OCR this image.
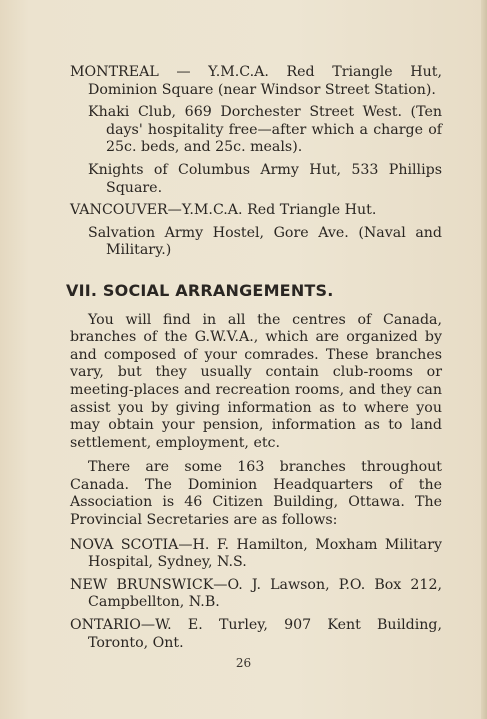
MONTREAL — Y.M.C.A. Red Triangle Hut, Dominion Square (near Windsor Street Station).

Khaki Club, 669 Dorchester Street West. (Ten days' hospitality free—after which a charge of 25c. beds, and 25c. meals).

Knights of Columbus Army Hut, 533 Phillips Square.

VANCOUVER—Y.M.C.A. Red Triangle Hut.

Salvation Army Hostel, Gore Ave. (Naval and Military.)

VII. SOCIAL ARRANGEMENTS.

You will find in all the centres of Canada, branches of the G.W.V.A., which are organized by and composed of your comrades. These branches vary, but they usually contain club-rooms or meeting-places and recreation rooms, and they can assist you by giving information as to where you may obtain your pension, information as to land settlement, employment, etc.

There are some 163 branches throughout Canada. The Dominion Headquarters of the Association is 46 Citizen Building, Ottawa. The Provincial Secretaries are as follows:

NOVA SCOTIA—H. F. Hamilton, Moxham Military Hospital, Sydney, N.S.

NEW BRUNSWICK—O. J. Lawson, P.O. Box 212, Campbellton, N.B.

ONTARIO—W. E. Turley, 907 Kent Building, Toronto, Ont.

26
